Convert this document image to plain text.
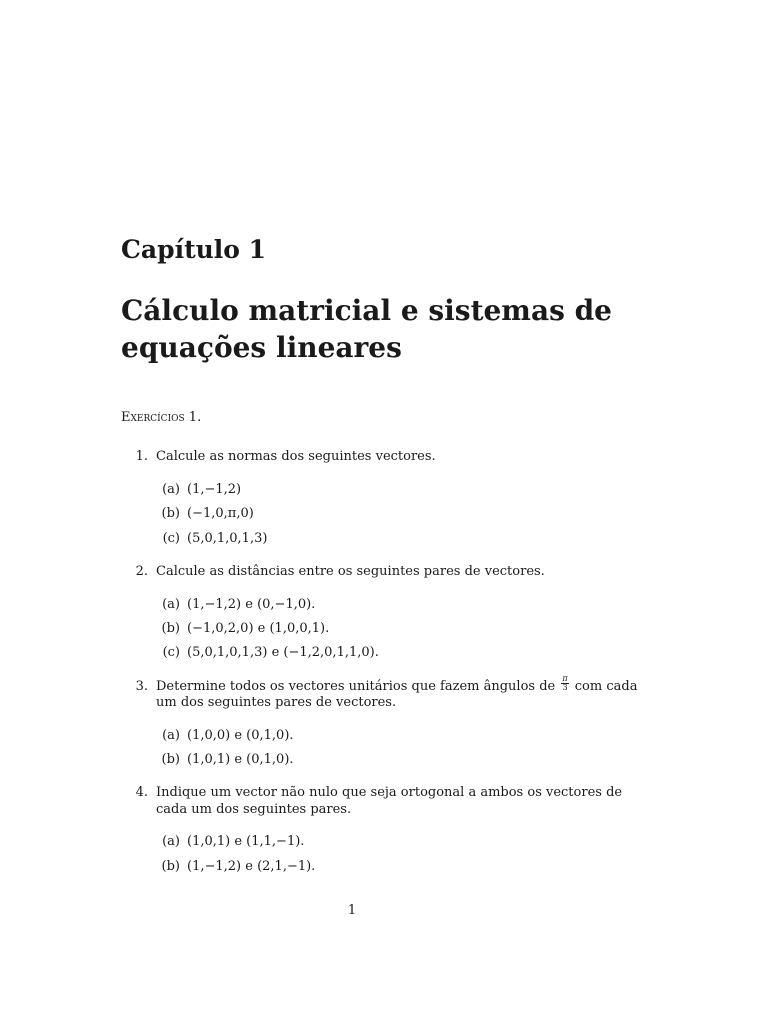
Capítulo 1
Cálculo matricial e sistemas de
equações lineares
Exercícios 1.
1. Calcule as normas dos seguintes vectores.
(a) (1,−1,2)
(b) (−1,0,π,0)
(c) (5,0,1,0,1,3)
2. Calcule as distâncias entre os seguintes pares de vectores.
(a) (1,−1,2) e (0,−1,0).
(b) (−1,0,2,0) e (1,0,0,1).
(c) (5,0,1,0,1,3) e (−1,2,0,1,1,0).
3. Determine todos os vectores unitários que fazem ângulos de $\frac{\pi}{3}$ com cada
um dos seguintes pares de vectores.
(a) (1,0,0) e (0,1,0).
(b) (1,0,1) e (0,1,0).
4. Indique um vector não nulo que seja ortogonal a ambos os vectores de
cada um dos seguintes pares.
(a) (1,0,1) e (1,1,−1).
(b) (1,−1,2) e (2,1,−1).
1
